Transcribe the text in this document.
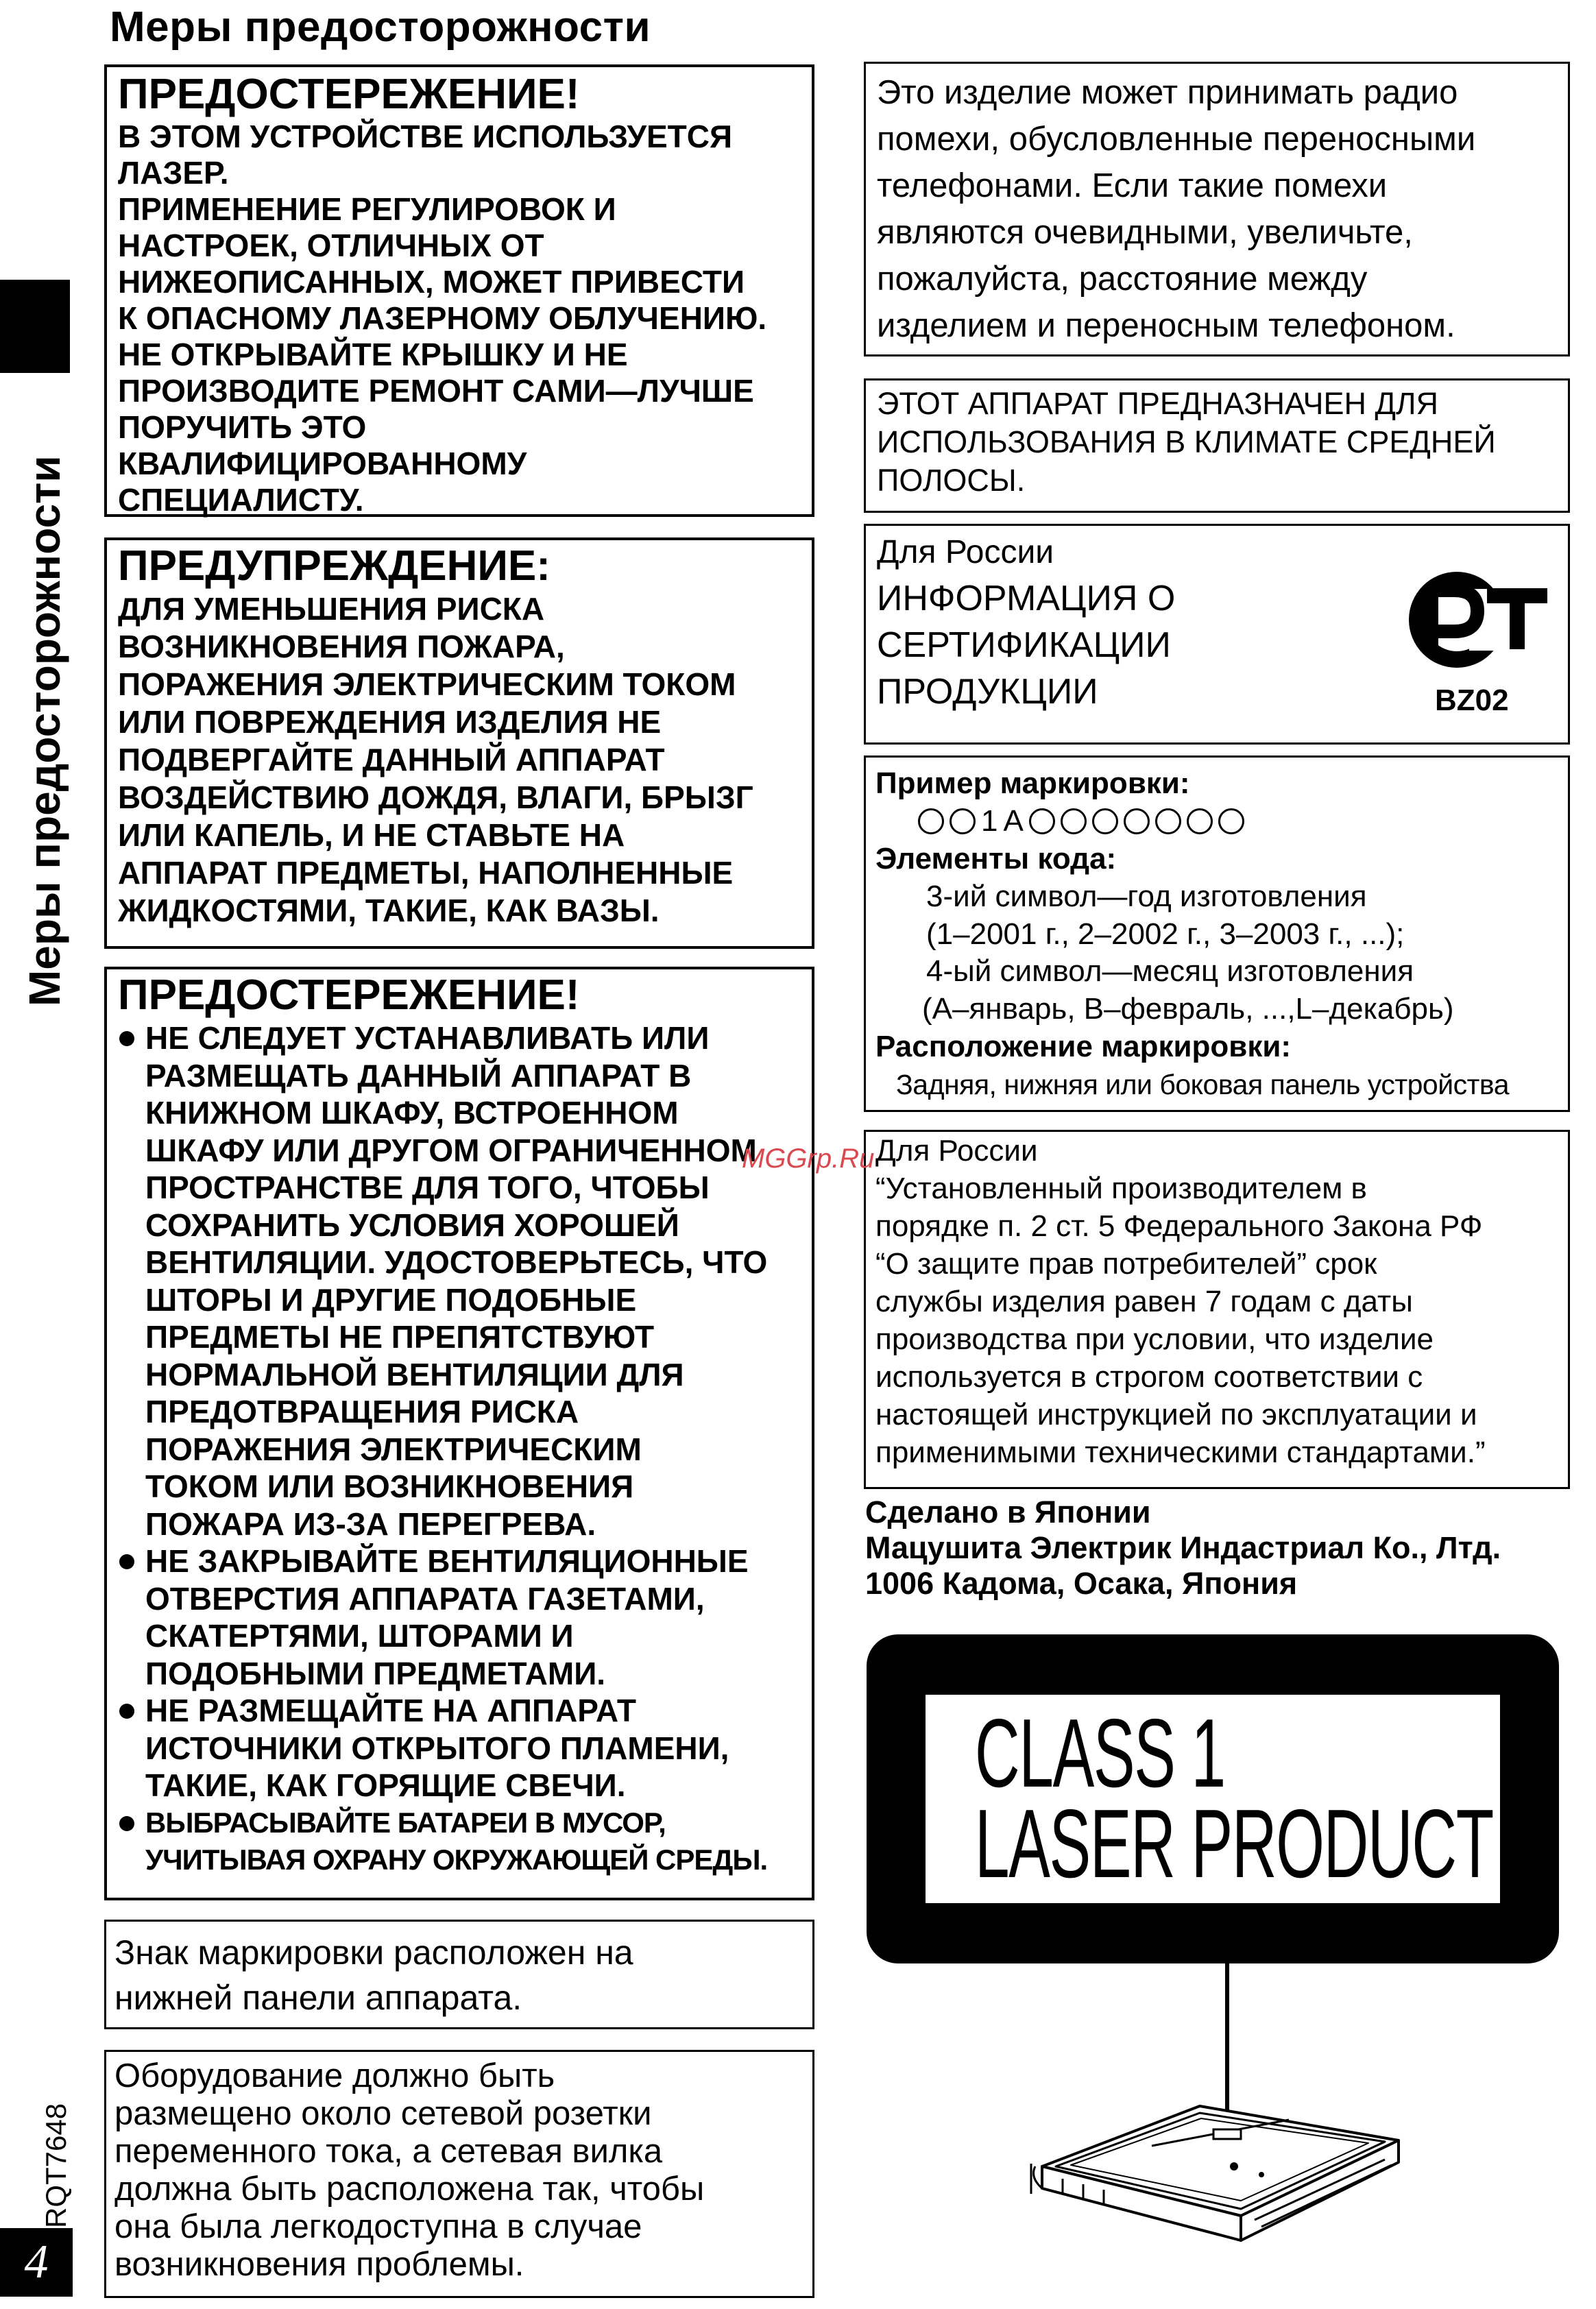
Меры предосторожности
Меры предосторожности
RQT7648
4

ПРЕДОСТЕРЕЖЕНИЕ!

В ЭТОМ УСТРОЙСТВЕ ИСПОЛЬЗУЕТСЯ

ЛАЗЕР.

ПРИМЕНЕНИЕ РЕГУЛИРОВОК И

НАСТРОЕК, ОТЛИЧНЫХ ОТ

НИЖЕОПИСАННЫХ, МОЖЕТ ПРИВЕСТИ

К ОПАСНОМУ ЛАЗЕРНОМУ ОБЛУЧЕНИЮ.

НЕ ОТКРЫВАЙТЕ КРЫШКУ И НЕ

ПРОИЗВОДИТЕ РЕМОНТ САМИ—ЛУЧШЕ

ПОРУЧИТЬ ЭТО

КВАЛИФИЦИРОВАННОМУ

СПЕЦИАЛИСТУ.

ПРЕДУПРЕЖДЕНИЕ:

ДЛЯ УМЕНЬШЕНИЯ РИСКА

ВОЗНИКНОВЕНИЯ ПОЖАРА,

ПОРАЖЕНИЯ ЭЛЕКТРИЧЕСКИМ ТОКОМ

ИЛИ ПОВРЕЖДЕНИЯ ИЗДЕЛИЯ НЕ

ПОДВЕРГАЙТЕ ДАННЫЙ АППАРАТ

ВОЗДЕЙСТВИЮ ДОЖДЯ, ВЛАГИ, БРЫЗГ

ИЛИ КАПЕЛЬ, И НЕ СТАВЬТЕ НА

АППАРАТ ПРЕДМЕТЫ, НАПОЛНЕННЫЕ

ЖИДКОСТЯМИ, ТАКИЕ, КАК ВАЗЫ.

ПРЕДОСТЕРЕЖЕНИЕ!

НЕ СЛЕДУЕТ УСТАНАВЛИВАТЬ ИЛИ
РАЗМЕЩАТЬ ДАННЫЙ АППАРАТ В
КНИЖНОМ ШКАФУ, ВСТРОЕННОМ
ШКАФУ ИЛИ ДРУГОМ ОГРАНИЧЕННОМ
ПРОСТРАНСТВЕ ДЛЯ ТОГО, ЧТОБЫ
СОХРАНИТЬ УСЛОВИЯ ХОРОШЕЙ
ВЕНТИЛЯЦИИ. УДОСТОВЕРЬТЕСЬ, ЧТО
ШТОРЫ И ДРУГИЕ ПОДОБНЫЕ
ПРЕДМЕТЫ НЕ ПРЕПЯТСТВУЮТ
НОРМАЛЬНОЙ ВЕНТИЛЯЦИИ ДЛЯ
ПРЕДОТВРАЩЕНИЯ РИСКА
ПОРАЖЕНИЯ ЭЛЕКТРИЧЕСКИМ
ТОКОМ ИЛИ ВОЗНИКНОВЕНИЯ
ПОЖАРА ИЗ-ЗА ПЕРЕГРЕВА.
НЕ ЗАКРЫВАЙТЕ ВЕНТИЛЯЦИОННЫЕ
ОТВЕРСТИЯ АППАРАТА ГАЗЕТАМИ,
СКАТЕРТЯМИ, ШТОРАМИ И
ПОДОБНЫМИ ПРЕДМЕТАМИ.
НЕ РАЗМЕЩАЙТЕ НА АППАРАТ
ИСТОЧНИКИ ОТКРЫТОГО ПЛАМЕНИ,
ТАКИЕ, КАК ГОРЯЩИЕ СВЕЧИ.
ВЫБРАСЫВАЙТЕ БАТАРЕИ В МУСОР,
УЧИТЫВАЯ ОХРАНУ ОКРУЖАЮЩЕЙ СРЕДЫ.

Знак маркировки расположен на

нижней панели аппарата.

Оборудование должно быть

размещено около сетевой розетки

переменного тока, а сетевая вилка

должна быть расположена так, чтобы

она была легкодоступна в случае

возникновения проблемы.

Это изделие может принимать радио

помехи, обусловленные переносными

телефонами. Если такие помехи

являются очевидными, увеличьте,

пожалуйста, расстояние между

изделием и переносным телефоном.

ЭТОТ АППАРАТ ПРЕДНАЗНАЧЕН ДЛЯ

ИСПОЛЬЗОВАНИЯ В КЛИМАТЕ СРЕДНЕЙ

ПОЛОСЫ.

Для России

ИНФОРМАЦИЯ О

СЕРТИФИКАЦИИ

ПРОДУКЦИИ	BZ02

Пример маркировки:

1 A

Элементы кода:

3-ий символ—год изготовления

(1–2001 г., 2–2002 г., 3–2003 г., ...);

4-ый символ—месяц изготовления

(А–январь, В–февраль, ...,L–декабрь)

Расположение маркировки:

Задняя, нижняя или боковая панель устройства

Для России

“Установленный производителем в

порядке п. 2 ст. 5 Федерального Закона РФ

“О защите прав потребителей” срок

службы изделия равен 7 годам с даты

производства при условии, что изделие

используется в строгом соответствии с

настоящей инструкцией по эксплуатации и

применимыми техническими стандартами.”

MGGrp.Ru

Сделано в Японии

Мацушита Электрик Индастриал Ко., Лтд.

1006 Кадома, Осака, Япония

CLASS 1
LASER PRODUCT
